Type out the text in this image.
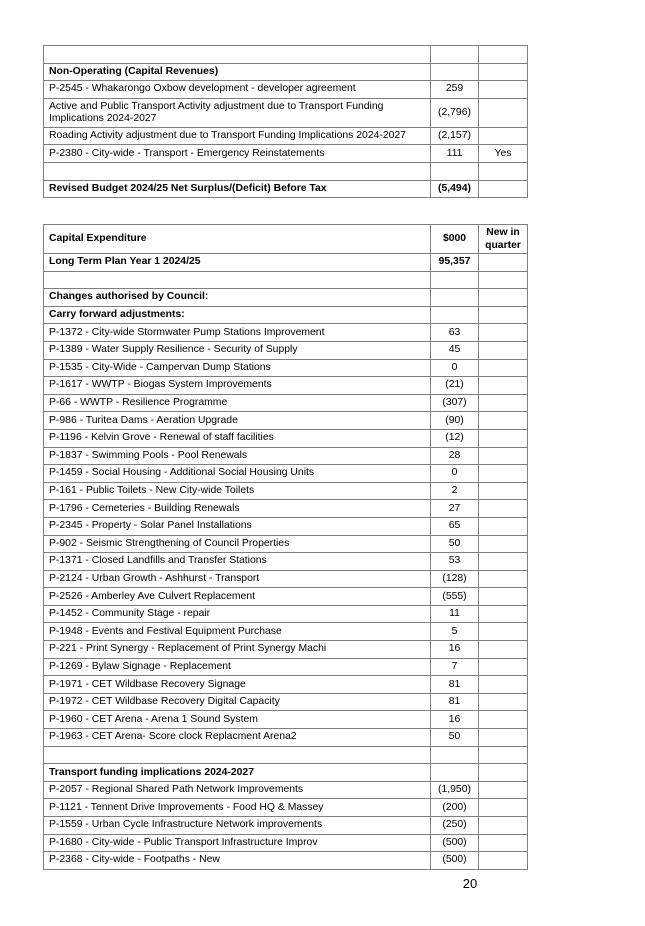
Non-Operating (Capital Revenues)		
P-2545 - Whakarongo Oxbow development - developer agreement	259	
Active and Public Transport Activity adjustment due to Transport Funding Implications 2024-2027	(2,796)	
Roading Activity adjustment due to Transport Funding Implications 2024-2027	(2,157)	
P-2380 - City-wide - Transport - Emergency Reinstatements	111	Yes

Revised Budget 2024/25 Net Surplus/(Deficit) Before Tax	(5,494)	
Capital Expenditure	$000	New in quarter
Long Term Plan Year 1 2024/25	95,357	

Changes authorised by Council:		
Carry forward adjustments:		
P-1372 - City-wide Stormwater Pump Stations Improvement	63	
P-1389 - Water Supply Resilience - Security of Supply	45	
P-1535 - City-Wide - Campervan Dump Stations	0	
P-1617 - WWTP - Biogas System Improvements	(21)	
P-66 - WWTP - Resilience Programme	(307)	
P-986 - Turitea Dams - Aeration Upgrade	(90)	
P-1196 - Kelvin Grove - Renewal of staff facilities	(12)	
P-1837 - Swimming Pools - Pool Renewals	28	
P-1459 - Social Housing - Additional Social Housing Units	0	
P-161 - Public Toilets - New City-wide Toilets	2	
P-1796 - Cemeteries - Building Renewals	27	
P-2345 - Property - Solar Panel Installations	65	
P-902 - Seismic Strengthening of Council Properties	50	
P-1371 - Closed Landfills and Transfer Stations	53	
P-2124 - Urban Growth - Ashhurst - Transport	(128)	
P-2526 - Amberley Ave Culvert Replacement	(555)	
P-1452 - Community Stage - repair	11	
P-1948 - Events and Festival Equipment Purchase	5	
P-221 - Print Synergy - Replacement of Print Synergy Machi	16	
P-1269 - Bylaw Signage - Replacement	7	
P-1971 - CET Wildbase Recovery Signage	81	
P-1972 - CET Wildbase Recovery Digital Capacity	81	
P-1960 - CET Arena - Arena 1 Sound System	16	
P-1963 - CET Arena- Score clock Replacment Arena2	50	

Transport funding implications 2024-2027		
P-2057 - Regional Shared Path Network Improvements	(1,950)	
P-1121 - Tennent Drive Improvements - Food HQ & Massey	(200)	
P-1559 - Urban Cycle Infrastructure Network improvements	(250)	
P-1680 - City-wide - Public Transport Infrastructure Improv	(500)	
P-2368 - City-wide - Footpaths - New	(500)	
20
